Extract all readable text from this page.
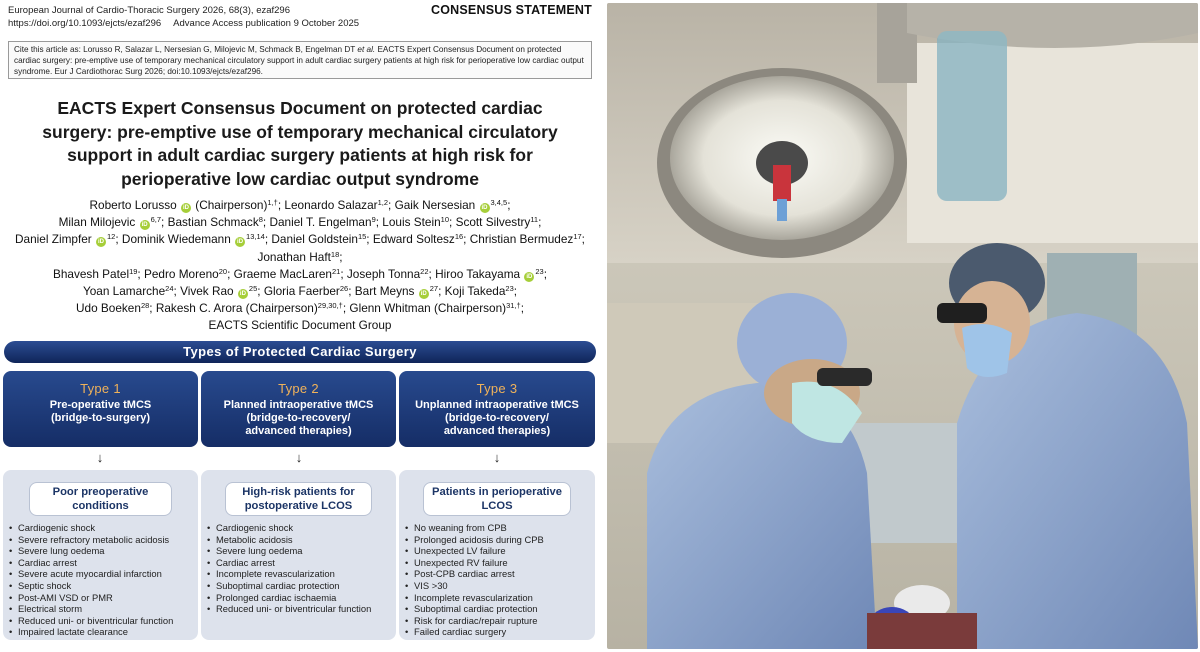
European Journal of Cardio-Thoracic Surgery 2026, 68(3), ezaf296
https://doi.org/10.1093/ejcts/ezaf296 Advance Access publication 9 October 2025
CONSENSUS STATEMENT
Cite this article as: Lorusso R, Salazar L, Nersesian G, Milojevic M, Schmack B, Engelman DT et al. EACTS Expert Consensus Document on protected cardiac surgery: pre-emptive use of temporary mechanical circulatory support in adult cardiac surgery patients at high risk for perioperative low cardiac output syndrome. Eur J Cardiothorac Surg 2026; doi:10.1093/ejcts/ezaf296.
EACTS Expert Consensus Document on protected cardiac
surgery: pre-emptive use of temporary mechanical circulatory
support in adult cardiac surgery patients at high risk for
perioperative low cardiac output syndrome
Roberto Lorusso iD (Chairperson)$^{1,\dagger}$; Leonardo Salazar$^{1,2}$; Gaik Nersesian iD$^{3,4,5}$;
Milan Milojevic iD$^{6,7}$; Bastian Schmack$^8$; Daniel T. Engelman$^9$; Louis Stein$^{10}$; Scott Silvestry$^{11}$;
Daniel Zimpfer $iD^{12}$; Dominik Wiedemann iD$^{13,14}$; Daniel Goldstein$^{15}$; Edward Soltesz$^{16}$; Christian Bermudez$^{17}$; Jonathan Haft$^{18}$;
Bhavesh Patel$^{19}$; Pedro Moreno$^{20}$; Graeme MacLaren$^{21}$; Joseph Tonna$^{22}$; Hiroo Takayama $iD^{23}$;
Yoan Lamarche$^{24}$; Vivek Rao $iD^{25}$; Gloria Faerber$^{26}$; Bart Meyns $iD^{27}$; Koji Takeda$^{23}$;
Udo Boeken$^{28}$; Rakesh C. Arora (Chairperson)$^{29,30,\dagger}$; Glenn Whitman (Chairperson)$^{31,\dagger}$;
EACTS Scientific Document Group
Types of Protected Cardiac Surgery
Type 1
Pre-operative tMCS
(bridge-to-surgery)
Type 2
Planned intraoperative tMCS
(bridge-to-recovery/
advanced therapies)
Type 3
Unplanned intraoperative tMCS
(bridge-to-recovery/
advanced therapies)
↓	↓	↓
Poor preoperative
conditions
• Cardiogenic shock
• Severe refractory metabolic acidosis
• Severe lung oedema
• Cardiac arrest
• Severe acute myocardial infarction
• Septic shock
• Post-AMI VSD or PMR
• Electrical storm
• Reduced uni- or biventricular function
• Impaired lactate clearance
High-risk patients for
postoperative LCOS
• Cardiogenic shock
• Metabolic acidosis
• Severe lung oedema
• Cardiac arrest
• Incomplete revascularization
• Suboptimal cardiac protection
• Prolonged cardiac ischaemia
• Reduced uni- or biventricular function
Patients in perioperative
LCOS
• No weaning from CPB
• Prolonged acidosis during CPB
• Unexpected LV failure
• Unexpected RV failure
• Post-CPB cardiac arrest
• VIS >30
• Incomplete revascularization
• Suboptimal cardiac protection
• Risk for cardiac/repair rupture
• Failed cardiac surgery
